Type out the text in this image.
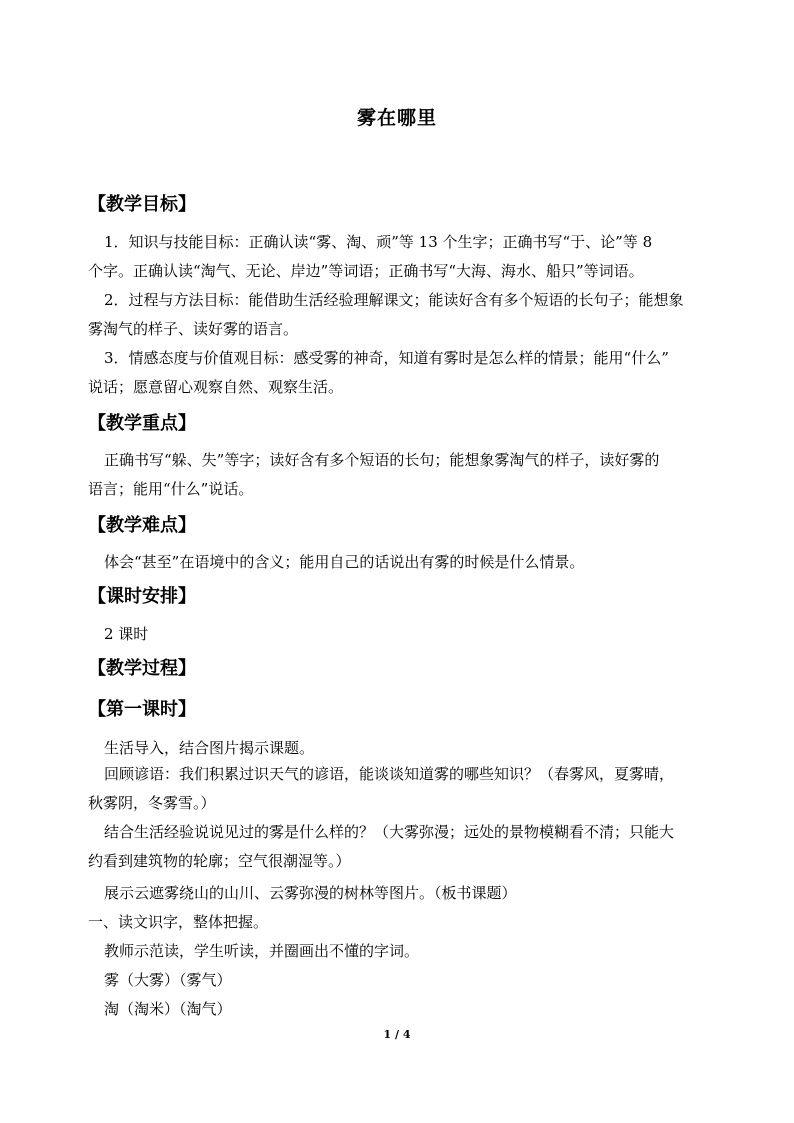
雾在哪里
【教学目标】
1．知识与技能目标：正确认读“雾、淘、顽”等 13 个生字；正确书写“于、论”等 8
个字。正确认读“淘气、无论、岸边”等词语；正确书写“大海、海水、船只”等词语。
2．过程与方法目标：能借助生活经验理解课文；能读好含有多个短语的长句子；能想象
雾淘气的样子、读好雾的语言。
3．情感态度与价值观目标：感受雾的神奇，知道有雾时是怎么样的情景；能用“什么”
说话；愿意留心观察自然、观察生活。
【教学重点】
正确书写“躲、失”等字；读好含有多个短语的长句；能想象雾淘气的样子，读好雾的
语言；能用“什么”说话。
【教学难点】
体会“甚至”在语境中的含义；能用自己的话说出有雾的时候是什么情景。
【课时安排】
2 课时
【教学过程】
【第一课时】
生活导入，结合图片揭示课题。
回顾谚语：我们积累过识天气的谚语，能谈谈知道雾的哪些知识？（春雾风，夏雾晴，
秋雾阴，冬雾雪。）
结合生活经验说说见过的雾是什么样的？（大雾弥漫；远处的景物模糊看不清；只能大
约看到建筑物的轮廓；空气很潮湿等。）
展示云遮雾绕山的山川、云雾弥漫的树林等图片。（板书课题）
一、读文识字，整体把握。
教师示范读，学生听读，并圈画出不懂的字词。
雾（大雾）（雾气）
淘（淘米）（淘气）
1 / 4
